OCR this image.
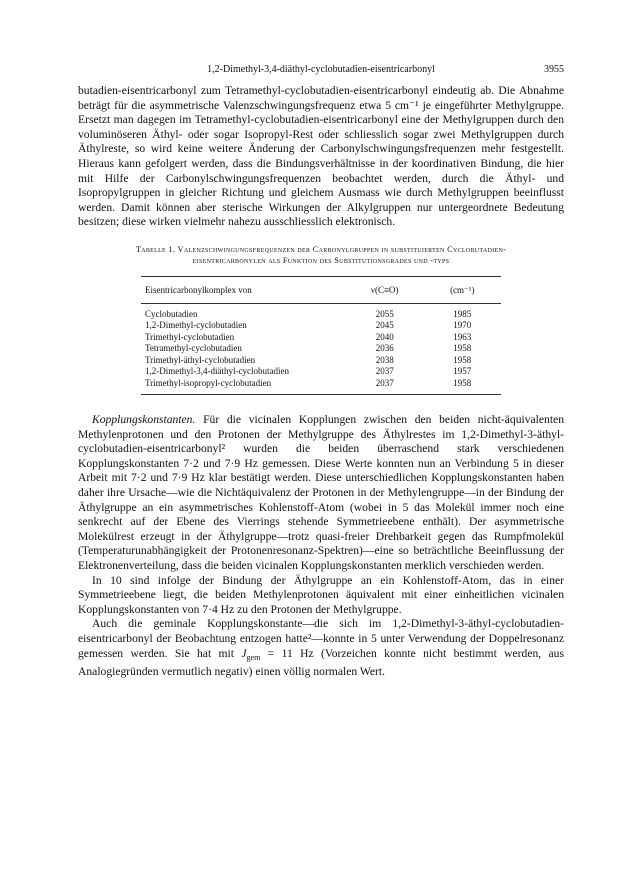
1,2-Dimethyl-3,4-diäthyl-cyclobutadien-eisentricarbonyl	3955

butadien-eisentricarbonyl zum Tetramethyl-cyclobutadien-eisentricarbonyl eindeutig ab. Die Abnahme beträgt für die asymmetrische Valenzschwingungsfrequenz etwa 5 cm⁻¹ je eingeführter Methylgruppe. Ersetzt man dagegen im Tetramethyl-cyclobutadien-eisentricarbonyl eine der Methylgruppen durch den voluminöseren Äthyl- oder sogar Isopropyl-Rest oder schliesslich sogar zwei Methylgruppen durch Äthylreste, so wird keine weitere Änderung der Carbonylschwingungsfrequenzen mehr festgestellt. Hieraus kann gefolgert werden, dass die Bindungsverhältnisse in der koordinativen Bindung, die hier mit Hilfe der Carbonylschwingungsfrequenzen beobachtet werden, durch die Äthyl- und Isopropylgruppen in gleicher Richtung und gleichem Ausmass wie durch Methylgruppen beeinflusst werden. Damit können aber sterische Wirkungen der Alkylgruppen nur untergeordnete Bedeutung besitzen; diese wirken vielmehr nahezu ausschliesslich elektronisch.

Tabelle 1. Valenzschwingungsfrequenzen der Carbonylgruppen in substituierten Cyclobutadien-eisentricarbonylen als Funktion des Substitutionsgrades und -typs
Eisentricarbonylkomplex von	ν(C≡O)	(cm⁻¹)
Cyclobutadien	2055	1985
1,2-Dimethyl-cyclobutadien	2045	1970
Trimethyl-cyclobutadien	2040	1963
Tetramethyl-cyclobutadien	2036	1958
Trimethyl-äthyl-cyclobutadien	2038	1958
1,2-Dimethyl-3,4-diäthyl-cyclobutadien	2037	1957
Trimethyl-isopropyl-cyclobutadien	2037	1958

Kopplungskonstanten. Für die vicinalen Kopplungen zwischen den beiden nicht-äquivalenten Methylenprotonen und den Protonen der Methylgruppe des Äthylrestes im 1,2-Dimethyl-3-äthyl-cyclobutadien-eisentricarbonyl² wurden die beiden überraschend stark verschiedenen Kopplungskonstanten 7·2 und 7·9 Hz gemessen. Diese Werte konnten nun an Verbindung 5 in dieser Arbeit mit 7·2 und 7·9 Hz klar bestätigt werden. Diese unterschiedlichen Kopplungskonstanten haben daher ihre Ursache—wie die Nichtäquivalenz der Protonen in der Methylengruppe—in der Bindung der Äthylgruppe an ein asymmetrisches Kohlenstoff-Atom (wobei in 5 das Molekül immer noch eine senkrecht auf der Ebene des Vierrings stehende Symmetrieebene enthält). Der asymmetrische Molekülrest erzeugt in der Äthylgruppe—trotz quasi-freier Drehbarkeit gegen das Rumpfmolekül (Temperaturunabhängigkeit der Protonenresonanz-Spektren)—eine so beträchtliche Beeinflussung der Elektronenverteilung, dass die beiden vicinalen Kopplungskonstanten merklich verschieden werden.

In 10 sind infolge der Bindung der Äthylgruppe an ein Kohlenstoff-Atom, das in einer Symmetrieebene liegt, die beiden Methylenprotonen äquivalent mit einer einheitlichen vicinalen Kopplungskonstanten von 7·4 Hz zu den Protonen der Methylgruppe.

Auch die geminale Kopplungskonstante—die sich im 1,2-Dimethyl-3-äthyl-cyclobutadien-eisentricarbonyl der Beobachtung entzogen hatte²—konnte in 5 unter Verwendung der Doppelresonanz gemessen werden. Sie hat mit $J_{gem} = 11$ Hz (Vorzeichen konnte nicht bestimmt werden, aus Analogiegründen vermutlich negativ) einen völlig normalen Wert.
